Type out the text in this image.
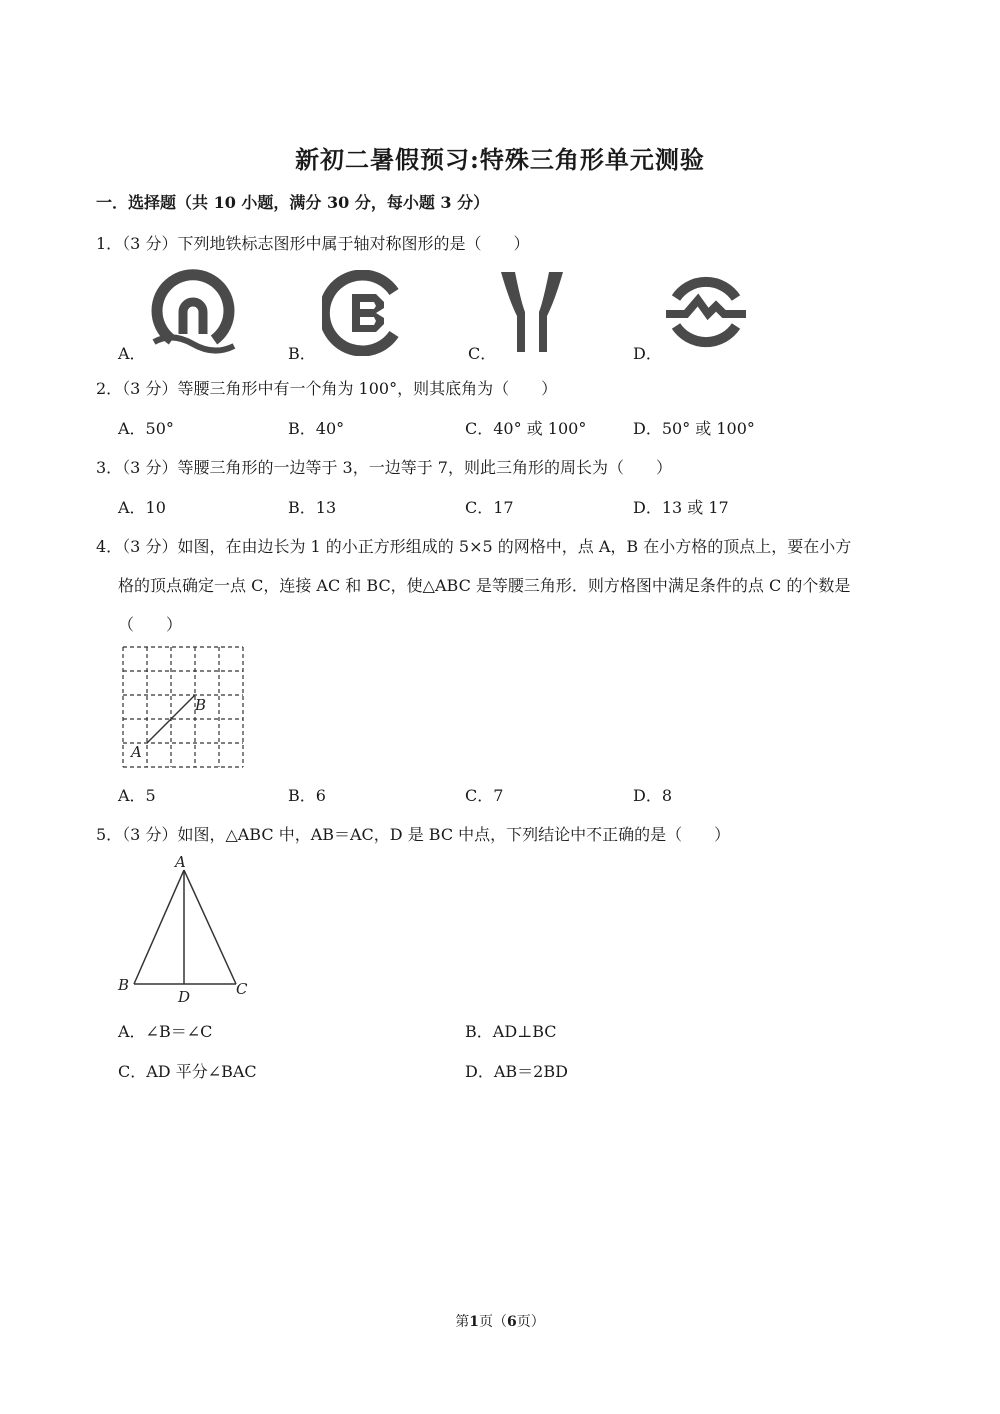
新初二暑假预习:特殊三角形单元测验
一．选择题（共 10 小题，满分 30 分，每小题 3 分）
1．（3 分）下列地铁标志图形中属于轴对称图形的是（　　）
A．	B．	C．	D．
2．（3 分）等腰三角形中有一个角为 100°，则其底角为（　　）
A．50°	B．40°	C．40° 或 100°	D．50° 或 100°
3．（3 分）等腰三角形的一边等于 3，一边等于 7，则此三角形的周长为（　　）
A．10	B．13	C．17	D．13 或 17
4．（3 分）如图，在由边长为 1 的小正方形组成的 5×5 的网格中，点 A，B 在小方格的顶点上，要在小方
格的顶点确定一点 C，连接 AC 和 BC，使△ABC 是等腰三角形．则方格图中满足条件的点 C 的个数是
（　　）
A
B
A．5	B．6	C．7	D．8
5．（3 分）如图，△ABC 中，AB＝AC，D 是 BC 中点，下列结论中不正确的是（　　）
A
B	C
D
A．∠B＝∠C	B．AD⊥BC
C．AD 平分∠BAC	D．AB＝2BD
第1页（6页）
